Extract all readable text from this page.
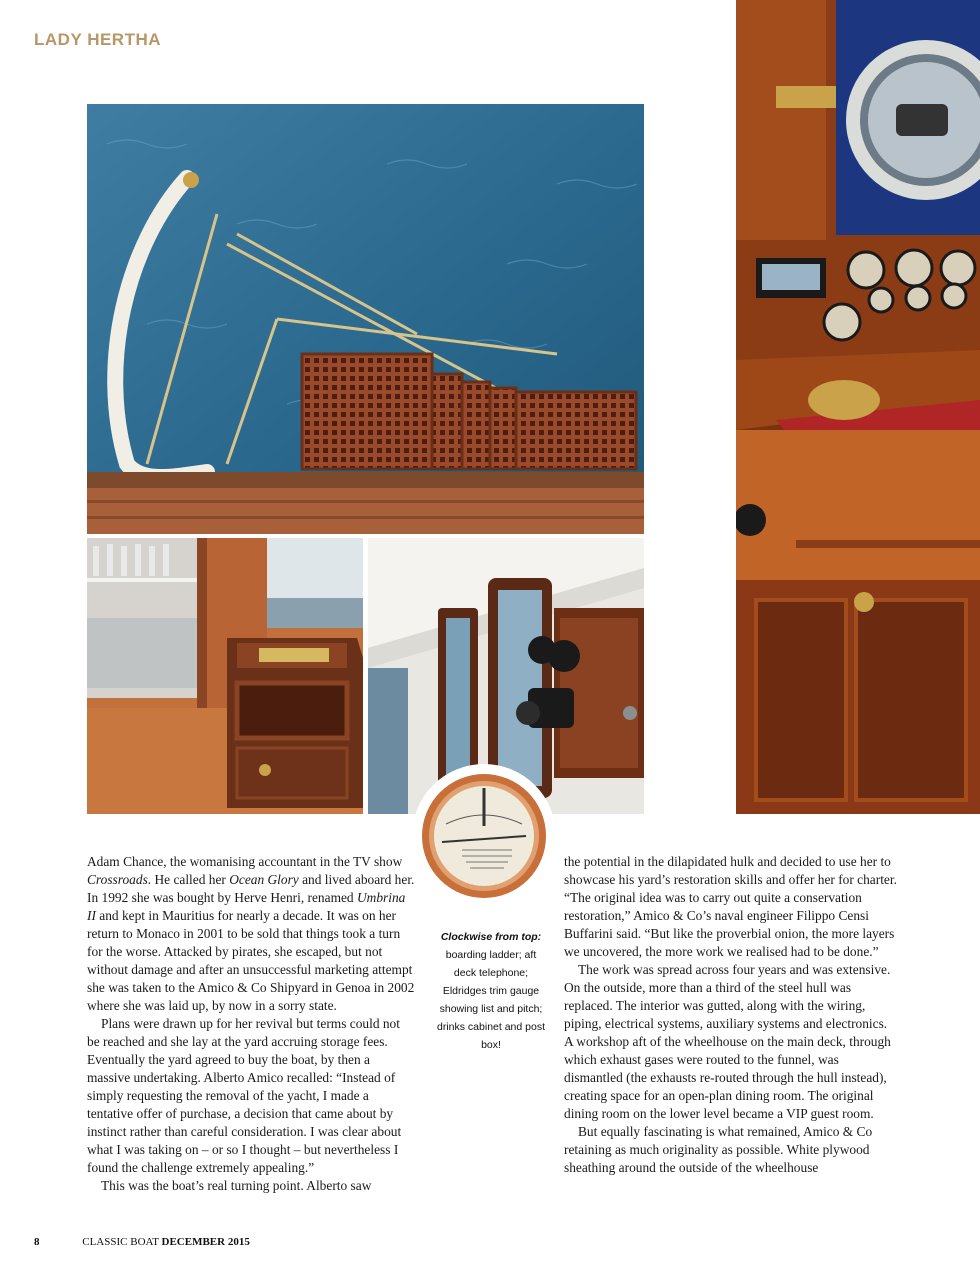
LADY HERTHA
Clockwise from top: boarding ladder; aft deck telephone; Eldridges trim gauge showing list and pitch; drinks cabinet and post box!

Adam Chance, the womanising accountant in the TV show Crossroads. He called her Ocean Glory and lived aboard her. In 1992 she was bought by Herve Henri, renamed Umbrina II and kept in Mauritius for nearly a decade. It was on her return to Monaco in 2001 to be sold that things took a turn for the worse. Attacked by pirates, she escaped, but not without damage and after an unsuccessful marketing attempt she was taken to the Amico & Co Shipyard in Genoa in 2002 where she was laid up, by now in a sorry state.

Plans were drawn up for her revival but terms could not be reached and she lay at the yard accruing storage fees. Eventually the yard agreed to buy the boat, by then a massive undertaking. Alberto Amico recalled: “Instead of simply requesting the removal of the yacht, I made a tentative offer of purchase, a decision that came about by instinct rather than careful consideration. I was clear about what I was taking on – or so I thought – but nevertheless I found the challenge extremely appealing.”

This was the boat’s real turning point. Alberto saw

the potential in the dilapidated hulk and decided to use her to showcase his yard’s restoration skills and offer her for charter. “The original idea was to carry out quite a conservation restoration,” Amico & Co’s naval engineer Filippo Censi Buffarini said. “But like the proverbial onion, the more layers we uncovered, the more work we realised had to be done.”

The work was spread across four years and was extensive. On the outside, more than a third of the steel hull was replaced. The interior was gutted, along with the wiring, piping, electrical systems, auxiliary systems and electronics. A workshop aft of the wheelhouse on the main deck, through which exhaust gases were routed to the funnel, was dismantled (the exhausts re-routed through the hull instead), creating space for an open-plan dining room. The original dining room on the lower level became a VIP guest room.

But equally fascinating is what remained, Amico & Co retaining as much originality as possible. White plywood sheathing around the outside of the wheelhouse

8	CLASSIC BOAT DECEMBER 2015
